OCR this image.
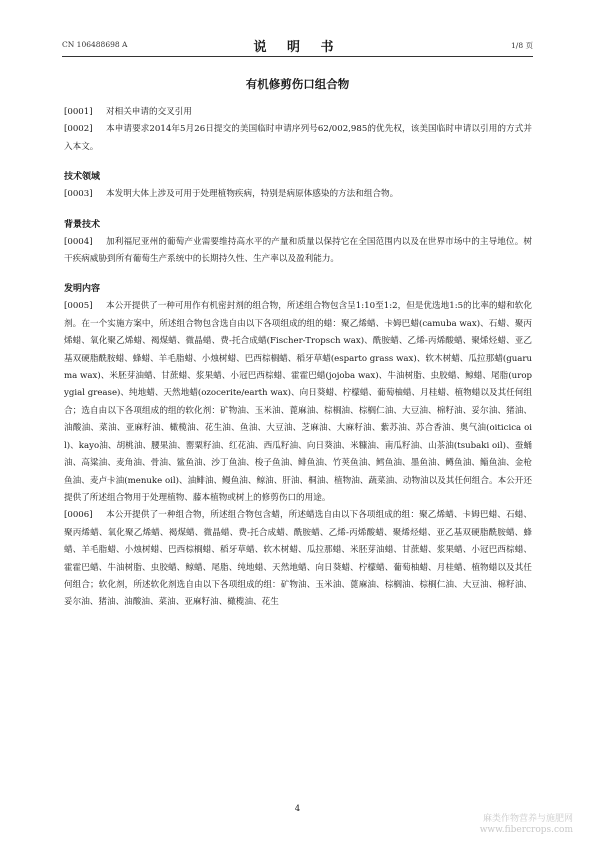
CN 106488698 A	说 明 书	1/8 页
有机修剪伤口组合物

[0001] 对相关申请的交叉引用

[0002] 本申请要求2014年5月26日提交的美国临时申请序列号62/002,985的优先权，该美国临时申请以引用的方式并入本文。

技术领域

[0003] 本发明大体上涉及可用于处理植物疾病，特别是病原体感染的方法和组合物。

背景技术

[0004] 加利福尼亚州的葡萄产业需要维持高水平的产量和质量以保持它在全国范围内以及在世界市场中的主导地位。树干疾病威胁到所有葡萄生产系统中的长期持久性、生产率以及盈利能力。

发明内容

[0005] 本公开提供了一种可用作有机密封剂的组合物，所述组合物包含呈1:10至1:2，但是优选地1:5的比率的蜡和软化剂。在一个实施方案中，所述组合物包含选自由以下各项组成的组的蜡：聚乙烯蜡、卡姆巴蜡(camuba wax)、石蜡、聚丙烯蜡、氧化聚乙烯蜡、褐煤蜡、微晶蜡、费-托合成蜡(Fischer-Tropsch wax)、酰胺蜡、乙烯-丙烯酸蜡、聚烯烃蜡、亚乙基双硬脂酰胺蜡、蜂蜡、羊毛脂蜡、小烛树蜡、巴西棕榈蜡、稻牙草蜡(esparto grass wax)、软木树蜡、瓜拉那蜡(guaruma wax)、米胚芽油蜡、甘蔗蜡、浆果蜡、小冠巴西棕蜡、霍霍巴蜡(jojoba wax)、牛油树脂、虫胶蜡、鲸蜡、尾脂(uropygial grease)、纯地蜡、天然地蜡(ozocerite/earth wax)、向日葵蜡、柠檬蜡、葡萄柚蜡、月桂蜡、植物蜡以及其任何组合；选自由以下各项组成的组的软化剂：矿物油、玉米油、蓖麻油、棕榈油、棕榈仁油、大豆油、棉籽油、妥尔油、猪油、油酸油、菜油、亚麻籽油、橄榄油、花生油、鱼油、大豆油、芝麻油、大麻籽油、紫苏油、苏合香油、奥气油(oiticica oil)、kayo油、胡桃油、腰果油、罂粟籽油、红花油、西瓜籽油、向日葵油、米糠油、南瓜籽油、山茶油(tsubaki oil)、蚕蛹油、高粱油、麦角油、骨油、鲨鱼油、沙丁鱼油、梭子鱼油、鲱鱼油、竹荚鱼油、鳕鱼油、墨鱼油、鳟鱼油、鲻鱼油、金枪鱼油、麦卢卡油(menuke oil)、油鲱油、鳗鱼油、鲸油、肝油、桐油、植物油、蔬菜油、动物油以及其任何组合。本公开还提供了所述组合物用于处理植物、藤本植物或树上的修剪伤口的用途。

[0006] 本公开提供了一种组合物，所述组合物包含蜡，所述蜡选自由以下各项组成的组：聚乙烯蜡、卡姆巴蜡、石蜡、聚丙烯蜡、氧化聚乙烯蜡、褐煤蜡、微晶蜡、费-托合成蜡、酰胺蜡、乙烯-丙烯酸蜡、聚烯烃蜡、亚乙基双硬脂酰胺蜡、蜂蜡、羊毛脂蜡、小烛树蜡、巴西棕榈蜡、稻牙草蜡、软木树蜡、瓜拉那蜡、米胚芽油蜡、甘蔗蜡、浆果蜡、小冠巴西棕蜡、霍霍巴蜡、牛油树脂、虫胶蜡、鲸蜡、尾脂、纯地蜡、天然地蜡、向日葵蜡、柠檬蜡、葡萄柚蜡、月桂蜡、植物蜡以及其任何组合；软化剂，所述软化剂选自由以下各项组成的组：矿物油、玉米油、蓖麻油、棕榈油、棕榈仁油、大豆油、棉籽油、妥尔油、猪油、油酸油、菜油、亚麻籽油、橄榄油、花生

4
麻类作物营养与施肥网
www.fibercrops.com
